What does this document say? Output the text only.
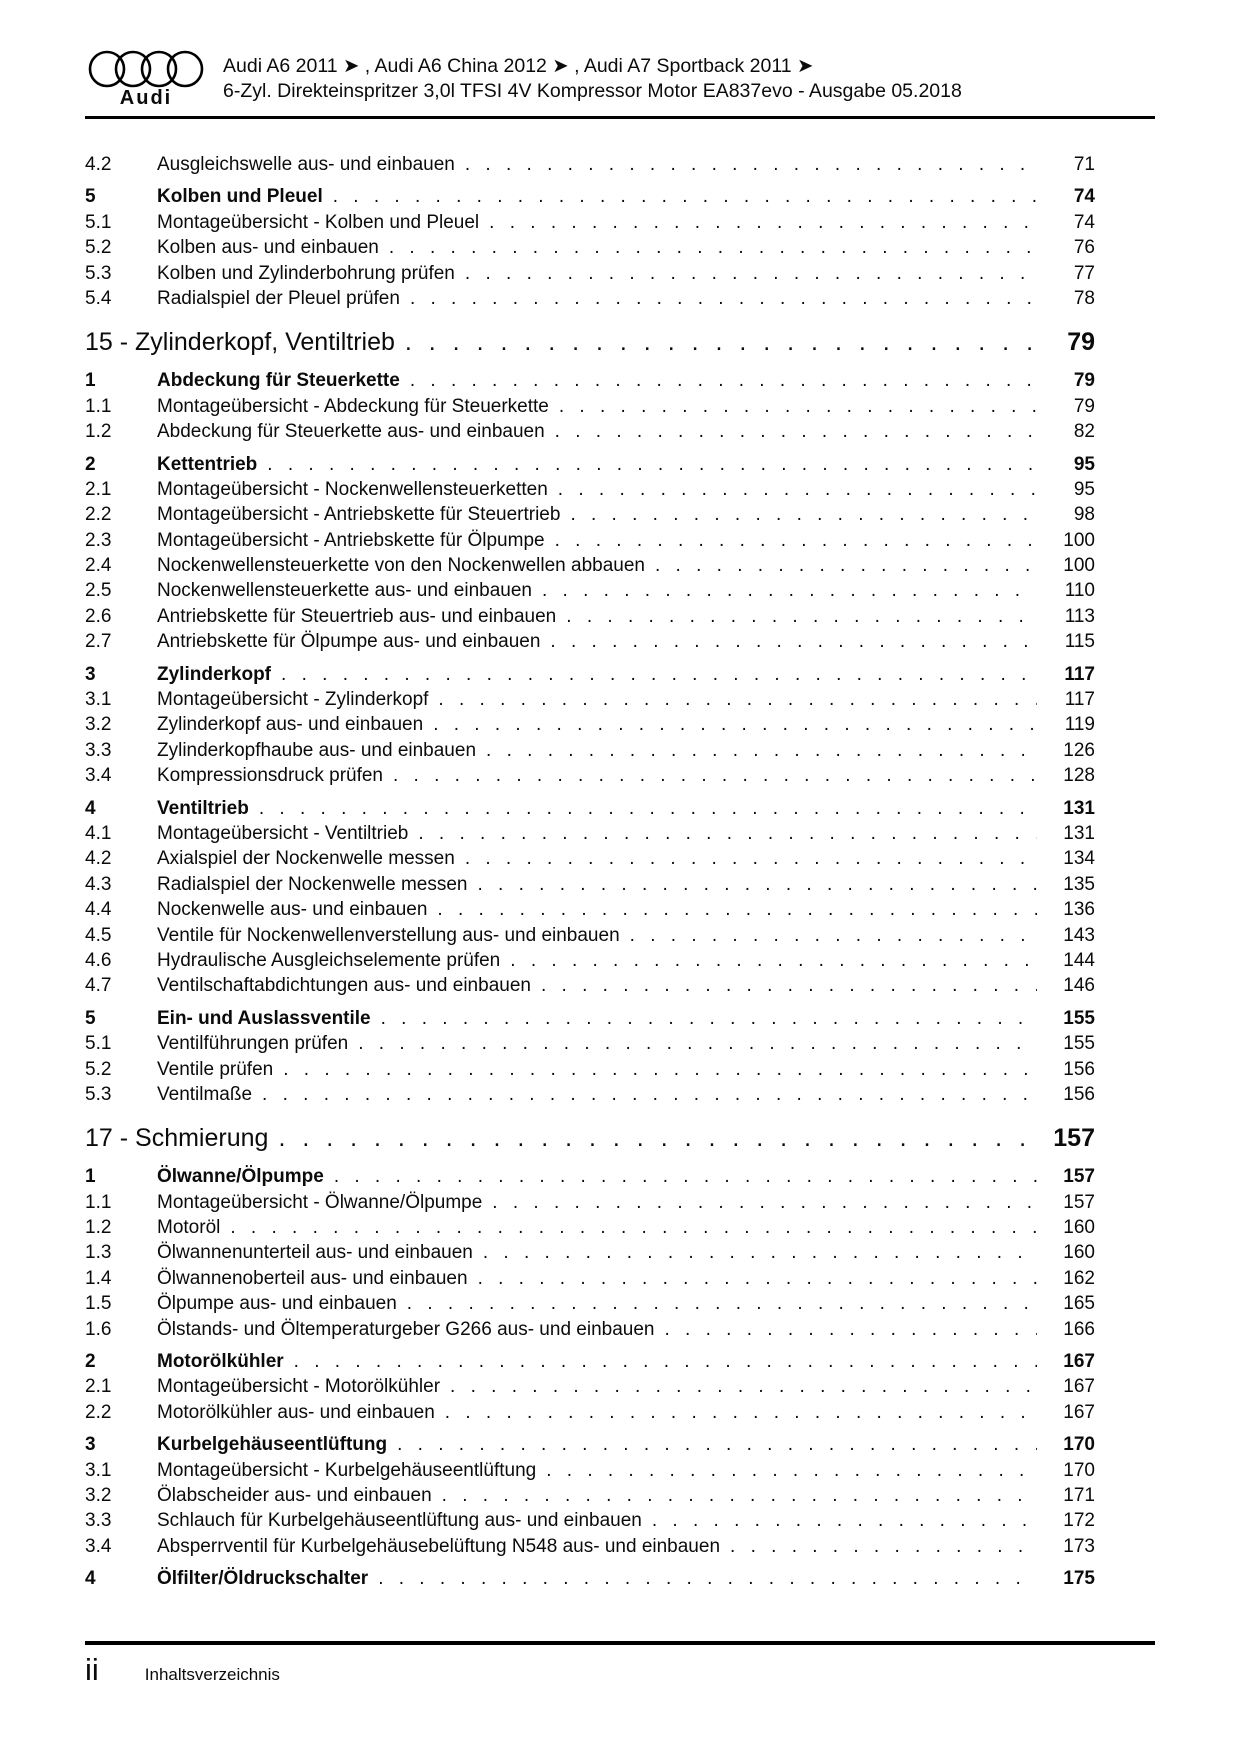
Audi
Audi A6 2011 ➤ , Audi A6 China 2012 ➤ , Audi A7 Sportback 2011 ➤
6-Zyl. Direkteinspritzer 3,0l TFSI 4V Kompressor Motor EA837evo - Ausgabe 05.2018
4.2	Ausgleichswelle aus- und einbauen . . .	71
5	Kolben und Pleuel . . .	74
5.1	Montageübersicht - Kolben und Pleuel . . .	74
5.2	Kolben aus- und einbauen . . .	76
5.3	Kolben und Zylinderbohrung prüfen . . .	77
5.4	Radialspiel der Pleuel prüfen . . .	78
15 - Zylinderkopf, Ventiltrieb . . .	79
1	Abdeckung für Steuerkette . . .	79
1.1	Montageübersicht - Abdeckung für Steuerkette . . .	79
1.2	Abdeckung für Steuerkette aus- und einbauen . . .	82
2	Kettentrieb . . .	95
2.1	Montageübersicht - Nockenwellensteuerketten . . .	95
2.2	Montageübersicht - Antriebskette für Steuertrieb . . .	98
2.3	Montageübersicht - Antriebskette für Ölpumpe . . .	100
2.4	Nockenwellensteuerkette von den Nockenwellen abbauen . . .	100
2.5	Nockenwellensteuerkette aus- und einbauen . . .	110
2.6	Antriebskette für Steuertrieb aus- und einbauen . . .	113
2.7	Antriebskette für Ölpumpe aus- und einbauen . . .	115
3	Zylinderkopf . . .	117
3.1	Montageübersicht - Zylinderkopf . . .	117
3.2	Zylinderkopf aus- und einbauen . . .	119
3.3	Zylinderkopfhaube aus- und einbauen . . .	126
3.4	Kompressionsdruck prüfen . . .	128
4	Ventiltrieb . . .	131
4.1	Montageübersicht - Ventiltrieb . . .	131
4.2	Axialspiel der Nockenwelle messen . . .	134
4.3	Radialspiel der Nockenwelle messen . . .	135
4.4	Nockenwelle aus- und einbauen . . .	136
4.5	Ventile für Nockenwellenverstellung aus- und einbauen . . .	143
4.6	Hydraulische Ausgleichselemente prüfen . . .	144
4.7	Ventilschaftabdichtungen aus- und einbauen . . .	146
5	Ein- und Auslassventile . . .	155
5.1	Ventilführungen prüfen . . .	155
5.2	Ventile prüfen . . .	156
5.3	Ventilmaße . . .	156
17 - Schmierung . . .	157
1	Ölwanne/Ölpumpe . . .	157
1.1	Montageübersicht - Ölwanne/Ölpumpe . . .	157
1.2	Motoröl . . .	160
1.3	Ölwannenunterteil aus- und einbauen . . .	160
1.4	Ölwannenoberteil aus- und einbauen . . .	162
1.5	Ölpumpe aus- und einbauen . . .	165
1.6	Ölstands- und Öltemperaturgeber G266 aus- und einbauen . . .	166
2	Motorölkühler . . .	167
2.1	Montageübersicht - Motorölkühler . . .	167
2.2	Motorölkühler aus- und einbauen . . .	167
3	Kurbelgehäuseentlüftung . . .	170
3.1	Montageübersicht - Kurbelgehäuseentlüftung . . .	170
3.2	Ölabscheider aus- und einbauen . . .	171
3.3	Schlauch für Kurbelgehäuseentlüftung aus- und einbauen . . .	172
3.4	Absperrventil für Kurbelgehäusebelüftung N548 aus- und einbauen . . .	173
4	Ölfilter/Öldruckschalter . . .	175
ii	Inhaltsverzeichnis
